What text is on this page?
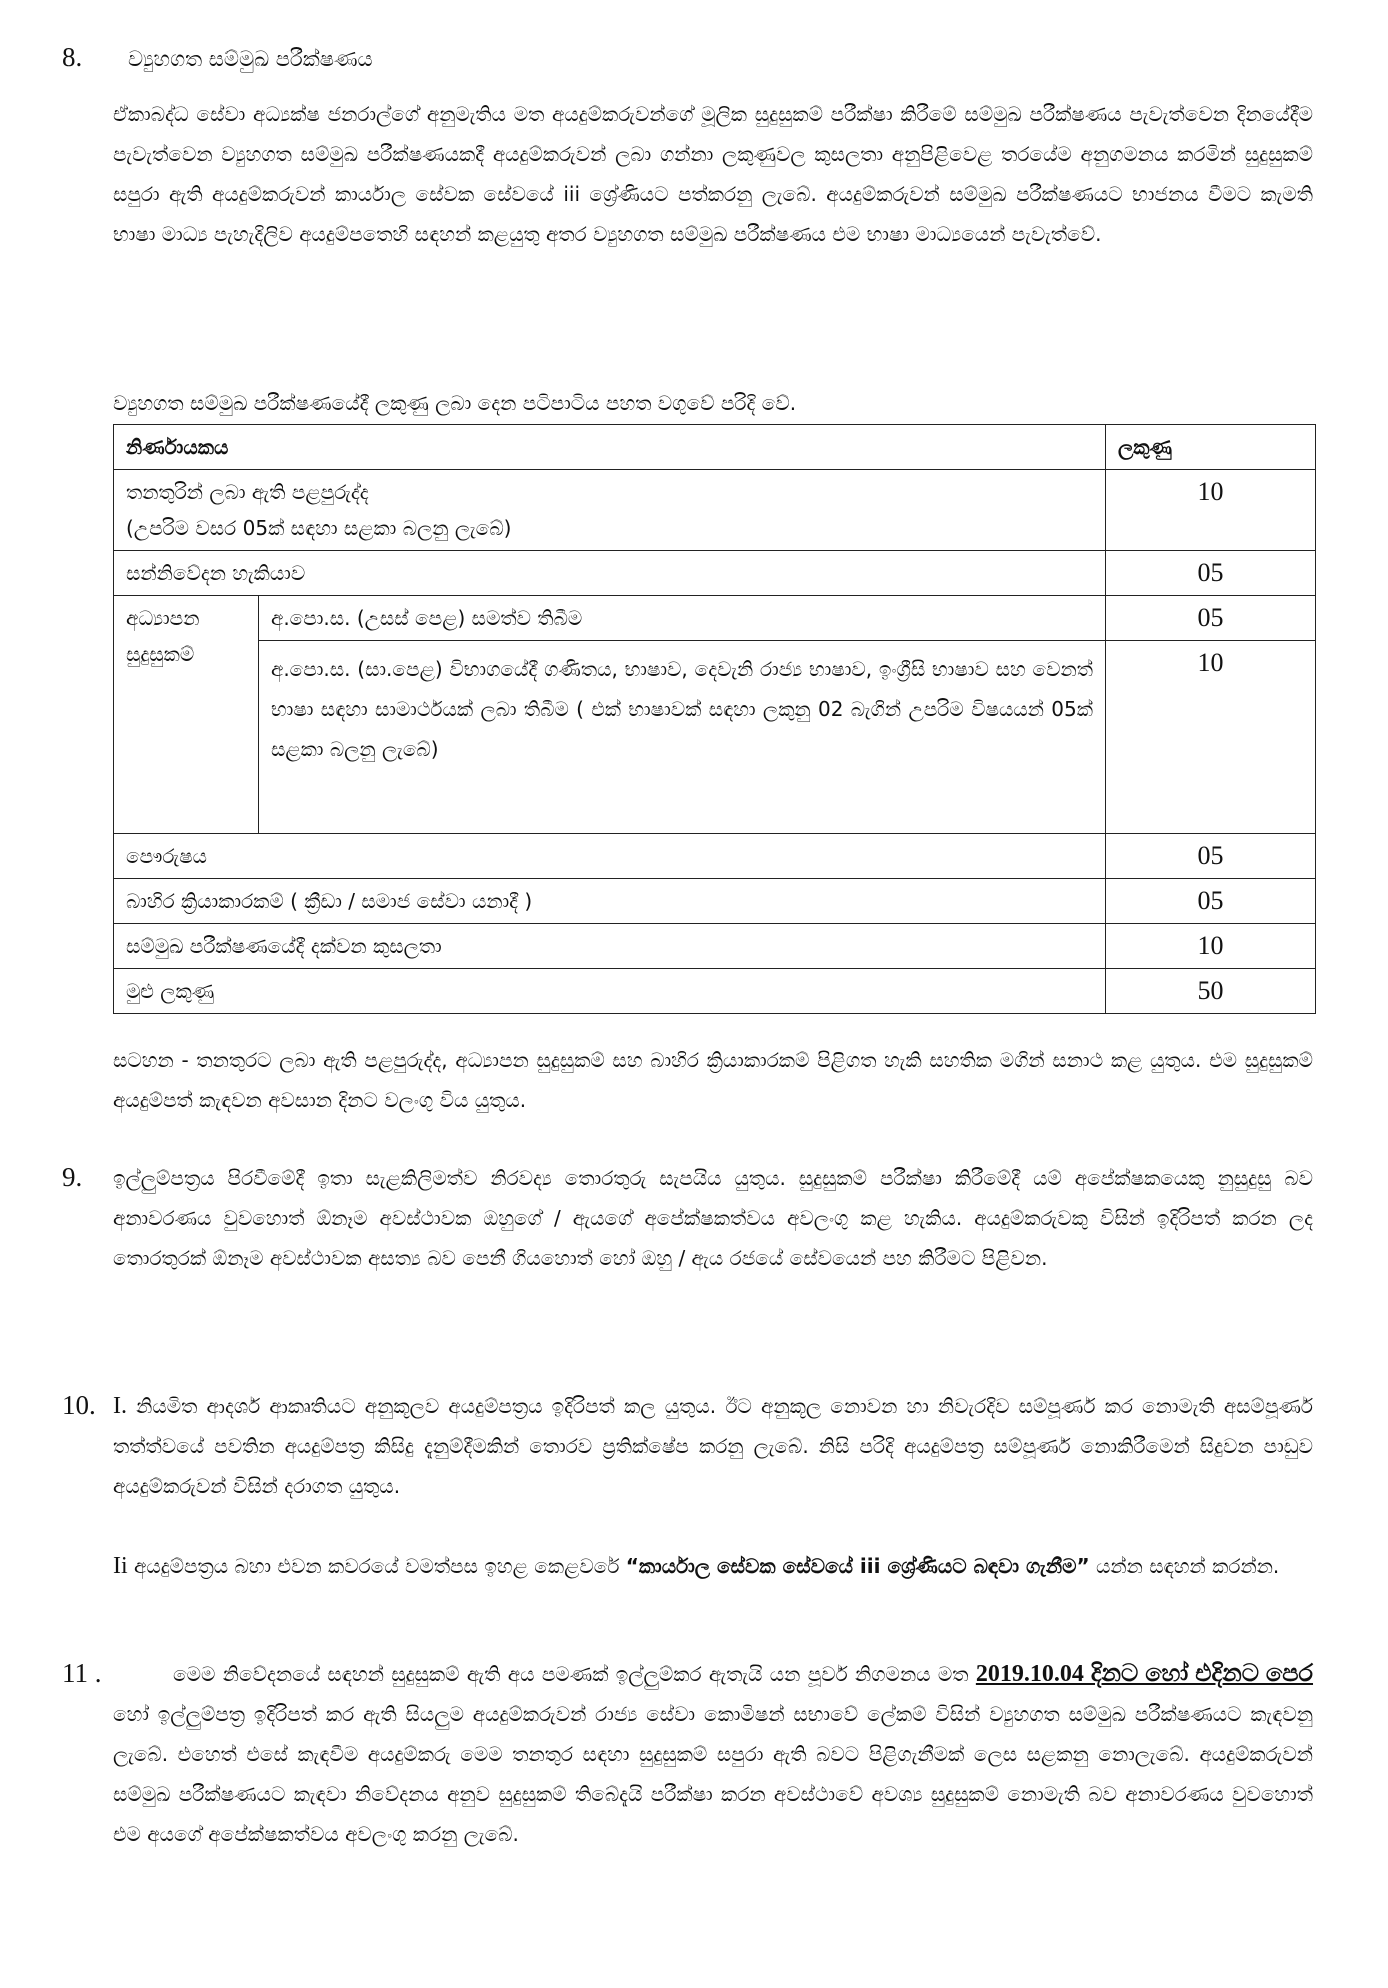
8. ව්‍යුහගත සම්මුඛ පරීක්ෂණය

ඒකාබද්ධ සේවා අධ්‍යක්ෂ ජනරාල්ගේ අනුමැතිය මත අයදුම්කරුවන්ගේ මූලික සුදුසුකම් පරීක්ෂා කිරීමේ සම්මුඛ පරීක්ෂණය පැවැත්වෙන දිනයේදීම පැවැත්වෙන ව්‍යුහගත සම්මුඛ පරීක්ෂණයකදී අයදුම්කරුවන් ලබා ගන්නා ලකුණුවල කුසලතා අනුපිළිවෙළ තරයේම අනුගමනය කරමින් සුදුසුකම් සපුරා ඇති අයදුම්කරුවන් කාර්යාල සේවක සේවයේ iii ශ්‍රේණියට පත්කරනු ලැබේ. අයදුම්කරුවන් සම්මුඛ පරීක්ෂණයට භාජනය වීමට කැමති භාෂා මාධ්‍ය පැහැදිලිව අයදුම්පතෙහි සඳහන් කළයුතු අතර ව්‍යුහගත සම්මුඛ පරීක්ෂණය එම භාෂා මාධ්‍යයෙන් පැවැත්වේ.

ව්‍යුහගත සම්මුඛ පරීක්ෂණයේදී ලකුණු ලබා දෙන පටිපාටිය පහත වගුවේ පරිදි වේ.
නිර්ණායකය		ලකුණු

තනතුරින් ලබා ඇති පළපුරුද්ද
(උපරිම වසර 05ක් සඳහා සළකා බලනු ලැබේ)		10
සන්නිවේදන හැකියාව		05
අධ්‍යාපන සුදුසුකම්	අ.පො.ස. (උසස් පෙළ) සමත්ව තිබීම	05
	අ.පො.ස. (සා.පෙළ) විභාගයේදී ගණිතය, භාෂාව, දෙවැනි රාජ්‍ය භාෂාව, ඉංග්‍රීසි භාෂාව සහ වෙනත් භාෂා සඳහා සාමාර්ථයක් ලබා තිබීම ( එක් භාෂාවක් සඳහා ලකුනු 02 බැගින් උපරිම විෂයයන් 05ක් සළකා බලනු ලැබේ)	10
පෞරුෂය		05
බාහිර ක්‍රියාකාරකම් ( ක්‍රීඩා / සමාජ සේවා යනාදී )		05
සම්මුඛ පරීක්ෂණයේදී දක්වන කුසලතා		10
මුළු ලකුණු		50

සටහන - තනතුරට ලබා ඇති පළපුරුද්ද, අධ්‍යාපන සුදුසුකම් සහ බාහිර ක්‍රියාකාරකම් පිළිගත හැකි සහතික මගින් සනාථ කළ යුතුය. එම සුදුසුකම් අයදුම්පත් කැඳවන අවසාන දිනට වලංගු විය යුතුය.

9. ඉල්ලුම්පත්‍රය පිරවීමේදී ඉතා සැළකිලිමත්ව නිරවද්‍ය තොරතුරු සැපයිය යුතුය. සුදුසුකම් පරීක්ෂා කිරීමේදී යම් අපේක්ෂකයෙකු නුසුදුසු බව අනාවරණය වුවහොත් ඕනෑම අවස්ථාවක ඔහුගේ / ඇයගේ අපේක්ෂකත්වය අවලංගු කළ හැකිය. අයදුම්කරුවකු විසින් ඉදිරිපත් කරන ලද තොරතුරක් ඕනෑම අවස්ථාවක අසත්‍ය බව පෙනී ගියහොත් හෝ ඔහු / ඇය රජයේ සේවයෙන් පහ කිරීමට පිළිවන.

10. I. නියමිත ආදර්ශ ආකෘතියට අනුකූලව අයදුම්පත්‍රය ඉදිරිපත් කල යුතුය. ඊට අනුකූල නොවන හා නිවැරදිව සම්පූර්ණ කර නොමැති අසම්පූර්ණ තත්ත්වයේ පවතින අයදුම්පත්‍ර කිසිදු දැනුම්දීමකින් තොරව ප්‍රතික්ෂේප කරනු ලැබේ. නිසි පරිදි අයදුම්පත්‍ර සම්පූර්ණ නොකිරීමෙන් සිදුවන පාඩුව අයදුම්කරුවන් විසින් දරාගත යුතුය.

Ii අයදුම්පත්‍රය බහා එවන කවරයේ වමත්පස ඉහළ කෙළවරේ “කාර්යාල සේවක සේවයේ iii ශ්‍රේණියට බඳවා ගැනීම” යන්න සඳහන් කරන්න.

11 .	මෙම නිවේදනයේ සඳහන් සුදුසුකම් ඇති අය පමණක් ඉල්ලුම්කර ඇතැයි යන පූර්ව නිගමනය මත 2019.10.04 දිනට හෝ එදිනට පෙර හෝ ඉල්ලුම්පත්‍ර ඉදිරිපත් කර ඇති සියලුම අයදුම්කරුවන් රාජ්‍ය සේවා කොමිෂන් සභාවේ ලේකම් විසින් ව්‍යුහගත සම්මුඛ පරීක්ෂණයට කැඳවනු ලැබේ. එහෙත් එසේ කැඳවීම අයදුම්කරු මෙම තනතුර සඳහා සුදුසුකම් සපුරා ඇති බවට පිළිගැනීමක් ලෙස සළකනු නොලැබේ. අයදුම්කරුවන් සම්මුඛ පරීක්ෂණයට කැඳවා නිවේදනය අනුව සුදුසුකම් තිබේදැයි පරීක්ෂා කරන අවස්ථාවේ අවශ්‍ය සුදුසුකම් නොමැති බව අනාවරණය වුවහොත් එම අයගේ අපේක්ෂකත්වය අවලංගු කරනු ලැබේ.
